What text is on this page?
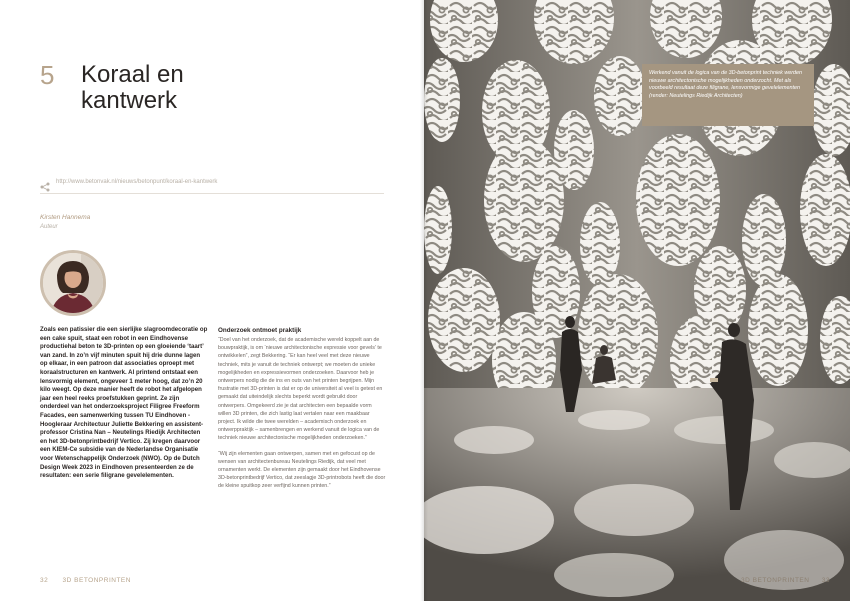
5 Koraal en kantwerk
http://www.betonvak.nl/nieuws/betonpunt/koraal-en-kantwerk
Kirsten Hannema
Auteur

Zoals een patissier die een sierlijke slagroomdecoratie op een cake spuit, staat een robot in een Eindhovense productiehal beton te 3D-printen op een gloeiende ‘taart’ van zand. In zo’n vijf minuten spuit hij drie dunne lagen op elkaar, in een patroon dat associaties oproept met koraalstructuren en kantwerk. Al printend ontstaat een lensvormig element, ongeveer 1 meter hoog, dat zo’n 20 kilo weegt. Op deze manier heeft de robot het afgelopen jaar een heel reeks proefstukken geprint. Ze zijn onderdeel van het onderzoeksproject Filigree Freeform Facades, een samenwerking tussen TU Eindhoven - Hoogleraar Architectuur Juliette Bekkering en assistent-professor Cristina Nan – Neutelings Riedijk Architecten en het 3D-betonprintbedrijf Vertico. Zij kregen daarvoor een KIEM-Ce subsidie van de Nederlandse Organisatie voor Wetenschappelijk Onderzoek (NWO). Op de Dutch Design Week 2023 in Eindhoven presenteerden ze de resultaten: een serie filigrane gevelelementen.

Onderzoek ontmoet praktijk

“Doel van het onderzoek, dat de academische wereld koppelt aan de bouwpraktijk, is om ‘nieuwe architectonische expressie voor gevels’ te ontwikkelen”, zegt Bekkering. “Er kan heel veel met deze nieuwe techniek, mits je vanuit de techniek ontwerpt; we moeten de unieke mogelijkheden en expressievormen onderzoeken. Daarvoor heb je ontwerpers nodig die de ins en outs van het printen begrijpen. Mijn frustratie met 3D-printen is dat er op de universiteit al veel is getest en gemaakt dat uiteindelijk slechts beperkt wordt gebruikt door ontwerpers. Omgekeerd zie je dat architecten een bepaalde vorm willen 3D printen, die zich lastig laat vertalen naar een maakbaar project. Ik wilde die twee werelden – academisch onderzoek en ontwerppraktijk – samenbrengen en werkend vanuit de logica van de techniek nieuwe architectonische mogelijkheden onderzoeken.”

“Wij zijn elementen gaan ontwerpen, samen met en gefocust op de wensen van architectenbureau Neutelings Riedijk, dat veel met ornamenten werkt. De elementen zijn gemaakt door het Eindhovense 3D-betonprintbedrijf Vertico, dat zeeslagje 3D-printrobots heeft die door de kleine spuitkop zeer verfijnd kunnen printen.”

32 3D BETONPRINTEN

Werkend vanuit de logica van de 3D-betonprint techniek werden nieuwe architectonische mogelijkheden onderzocht. Met als voorbeeld resultaat deze filigrane, lensvormige gevelelementen (render: Neutelings Riedijk Architecten)

3D BETONPRINTEN 33
